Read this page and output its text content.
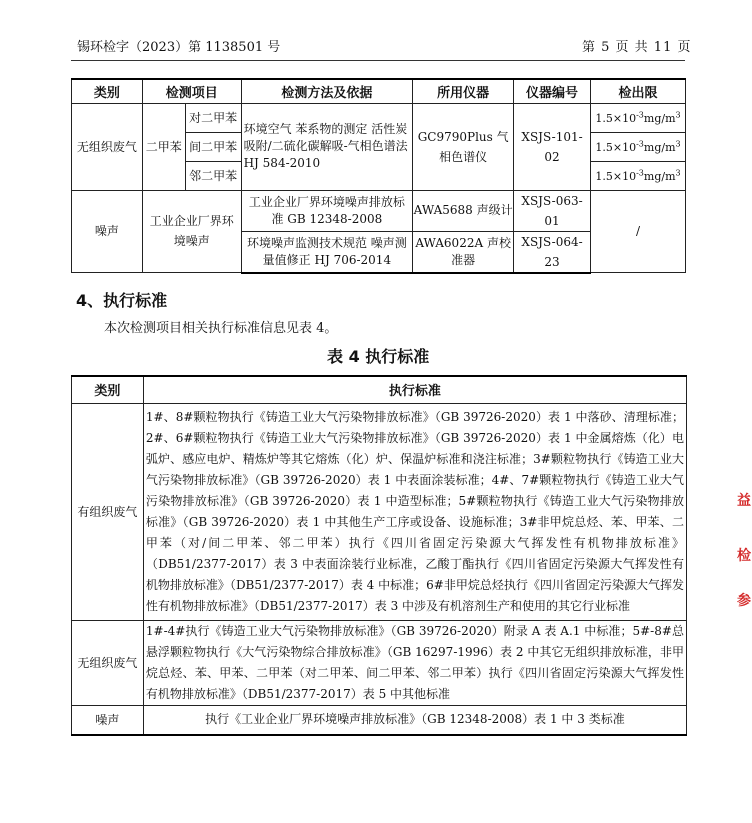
锡环检字（2023）第 1138501 号	第 5 页 共 11 页
类别	检测项目		检测方法及依据	所用仪器	仪器编号	检出限
无组织废气	二甲苯	对二甲苯	环境空气 苯系物的测定 活性炭吸附/二硫化碳解吸-气相色谱法 HJ 584-2010	GC9790Plus 气相色谱仪	XSJS-101-02	$1.5\times 10^{-3}mg/m^3$
		间二甲苯				$1.5\times 10^{-3}mg/m^3$
		邻二甲苯				$1.5\times 10^{-3}mg/m^3$
噪声	工业企业厂界环境噪声		工业企业厂界环境噪声排放标准 GB 12348-2008	AWA5688 声级计	XSJS-063-01	/
			环境噪声监测技术规范 噪声测量值修正 HJ 706-2014	AWA6022A 声校准器	XSJS-064-23	
4、执行标准
本次检测项目相关执行标准信息见表 4。
表 4 执行标准
类别	执行标准
有组织废气	1#、8#颗粒物执行《铸造工业大气污染物排放标准》（GB 39726-2020）表 1 中落砂、清理标准；2#、6#颗粒物执行《铸造工业大气污染物排放标准》（GB 39726-2020）表 1 中金属熔炼（化）电弧炉、感应电炉、精炼炉等其它熔炼（化）炉、保温炉标准和浇注标准；3#颗粒物执行《铸造工业大气污染物排放标准》（GB 39726-2020）表 1 中表面涂装标准；4#、7#颗粒物执行《铸造工业大气污染物排放标准》（GB 39726-2020）表 1 中造型标准；5#颗粒物执行《铸造工业大气污染物排放标准》（GB 39726-2020）表 1 中其他生产工序或设备、设施标准；3#非甲烷总烃、苯、甲苯、二甲苯（对/间二甲苯、邻二甲苯）执行《四川省固定污染源大气挥发性有机物排放标准》（DB51/2377-2017）表 3 中表面涂装行业标准，乙酸丁酯执行《四川省固定污染源大气挥发性有机物排放标准》（DB51/2377-2017）表 4 中标准；6#非甲烷总烃执行《四川省固定污染源大气挥发性有机物排放标准》（DB51/2377-2017）表 3 中涉及有机溶剂生产和使用的其它行业标准
无组织废气	1#-4#执行《铸造工业大气污染物排放标准》（GB 39726-2020）附录 A 表 A.1 中标准；5#-8#总悬浮颗粒物执行《大气污染物综合排放标准》（GB 16297-1996）表 2 中其它无组织排放标准，非甲烷总烃、苯、甲苯、二甲苯（对二甲苯、间二甲苯、邻二甲苯）执行《四川省固定污染源大气挥发性有机物排放标准》（DB51/2377-2017）表 5 中其他标准
噪声	执行《工业企业厂界环境噪声排放标准》（GB 12348-2008）表 1 中 3 类标准
益
检
参
